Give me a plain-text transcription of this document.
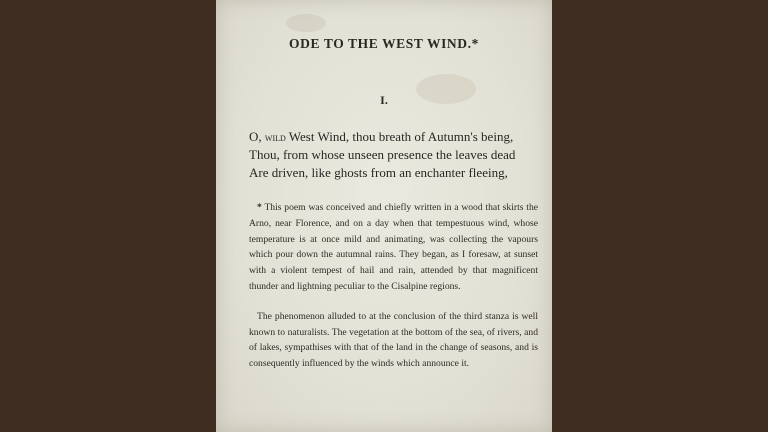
ODE TO THE WEST WIND.*
I.
O, wild West Wind, thou breath of Autumn's being,
Thou, from whose unseen presence the leaves dead
Are driven, like ghosts from an enchanter fleeing,

* This poem was conceived and chiefly written in a wood that skirts the Arno, near Florence, and on a day when that tempestuous wind, whose temperature is at once mild and animating, was collecting the vapours which pour down the autumnal rains. They began, as I foresaw, at sunset with a violent tempest of hail and rain, attended by that magnificent thunder and lightning peculiar to the Cisalpine regions.

The phenomenon alluded to at the conclusion of the third stanza is well known to naturalists. The vegetation at the bottom of the sea, of rivers, and of lakes, sympathises with that of the land in the change of seasons, and is consequently influenced by the winds which announce it.
